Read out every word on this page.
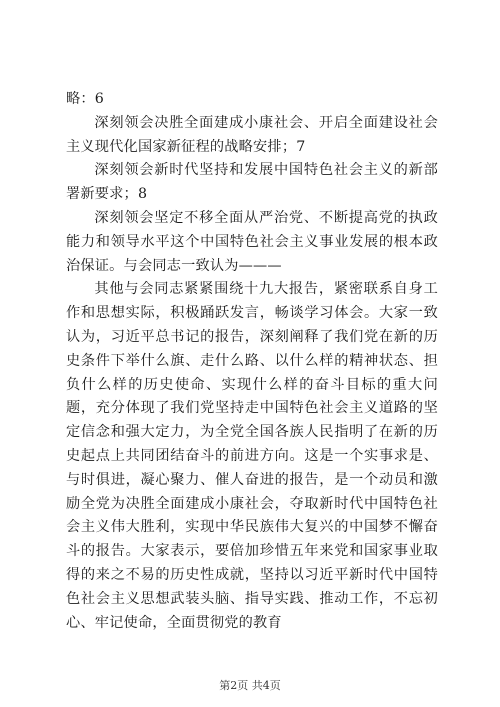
略：6

深刻领会决胜全面建成小康社会、开启全面建设社会主义现代化国家新征程的战略安排；7

深刻领会新时代坚持和发展中国特色社会主义的新部署新要求；8

深刻领会坚定不移全面从严治党、不断提高党的执政能力和领导水平这个中国特色社会主义事业发展的根本政治保证。与会同志一致认为———

其他与会同志紧紧围绕十九大报告，紧密联系自身工作和思想实际，积极踊跃发言，畅谈学习体会。大家一致认为，习近平总书记的报告，深刻阐释了我们党在新的历史条件下举什么旗、走什么路、以什么样的精神状态、担负什么样的历史使命、实现什么样的奋斗目标的重大问题，充分体现了我们党坚持走中国特色社会主义道路的坚定信念和强大定力，为全党全国各族人民指明了在新的历史起点上共同团结奋斗的前进方向。这是一个实事求是、与时俱进，凝心聚力、催人奋进的报告，是一个动员和激励全党为决胜全面建成小康社会，夺取新时代中国特色社会主义伟大胜利，实现中华民族伟大复兴的中国梦不懈奋斗的报告。大家表示，要倍加珍惜五年来党和国家事业取得的来之不易的历史性成就，坚持以习近平新时代中国特色社会主义思想武装头脑、指导实践、推动工作，不忘初心、牢记使命，全面贯彻党的教育

第2页 共4页
